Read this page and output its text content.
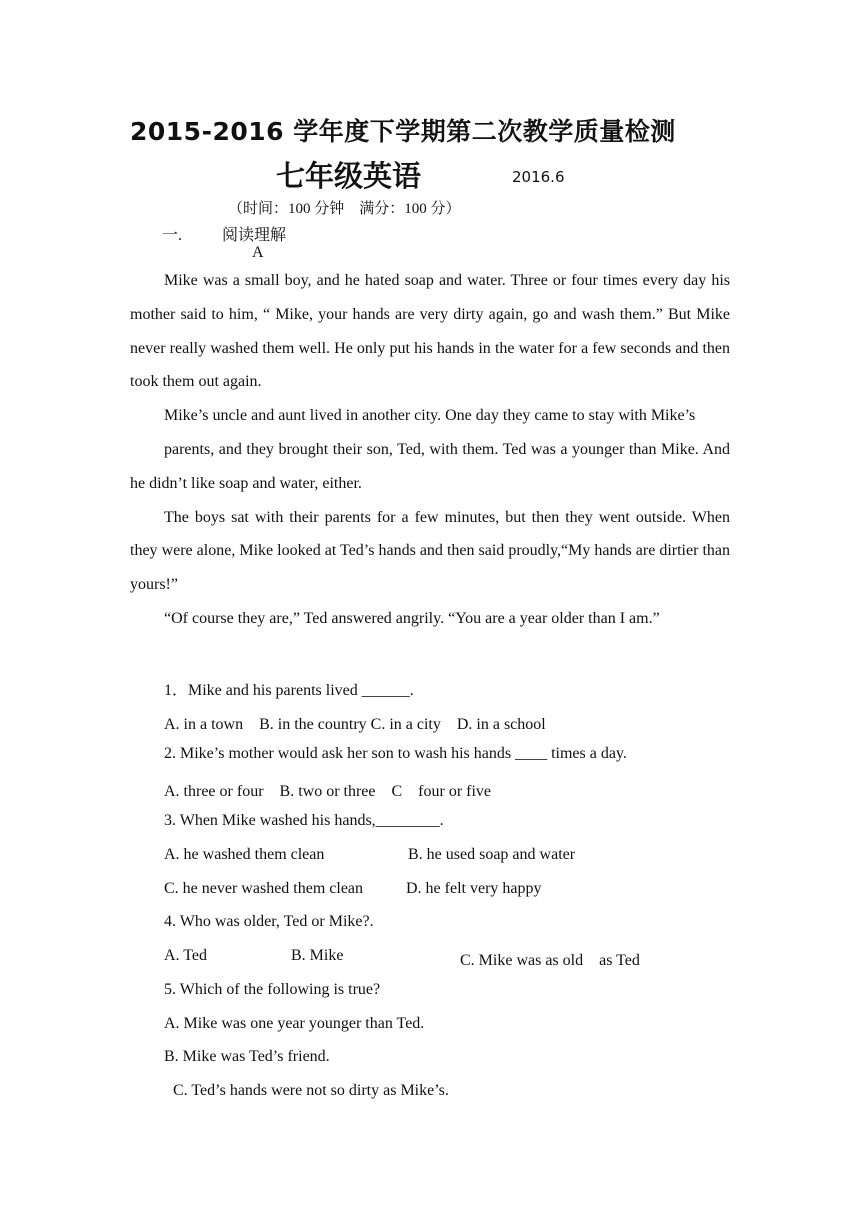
2015-2016 学年度下学期第二次教学质量检测
七年级英语	2016.6
（时间：100 分钟　满分：100 分）
一. 阅读理解
A

Mike was a small boy, and he hated soap and water. Three or four times every day his mother said to him, “ Mike, your hands are very dirty again, go and wash them.” But Mike never really washed them well. He only put his hands in the water for a few seconds and then took them out again.

Mike’s uncle and aunt lived in another city. One day they came to stay with Mike’s

parents, and they brought their son, Ted, with them. Ted was a younger than Mike. And he didn’t like soap and water, either.

The boys sat with their parents for a few minutes, but then they went outside. When they were alone, Mike looked at Ted’s hands and then said proudly,“My hands are dirtier than yours!”

“Of course they are,” Ted answered angrily. “You are a year older than I am.”

1．Mike and his parents lived ______.
A. in a town　B. in the country C. in a city　D. in a school
2. Mike’s mother would ask her son to wash his hands ____ times a day.
A. three or four　B. two or three　C　four or five
3. When Mike washed his hands,________.
A. he washed them clean	B. he used soap and water
C. he never washed them clean	D. he felt very happy
4. Who was older, Ted or Mike?.
A. Ted	B. Mike	C. Mike was as old　as Ted
5. Which of the following is true?
A. Mike was one year younger than Ted.
B. Mike was Ted’s friend.
C. Ted’s hands were not so dirty as Mike’s.
